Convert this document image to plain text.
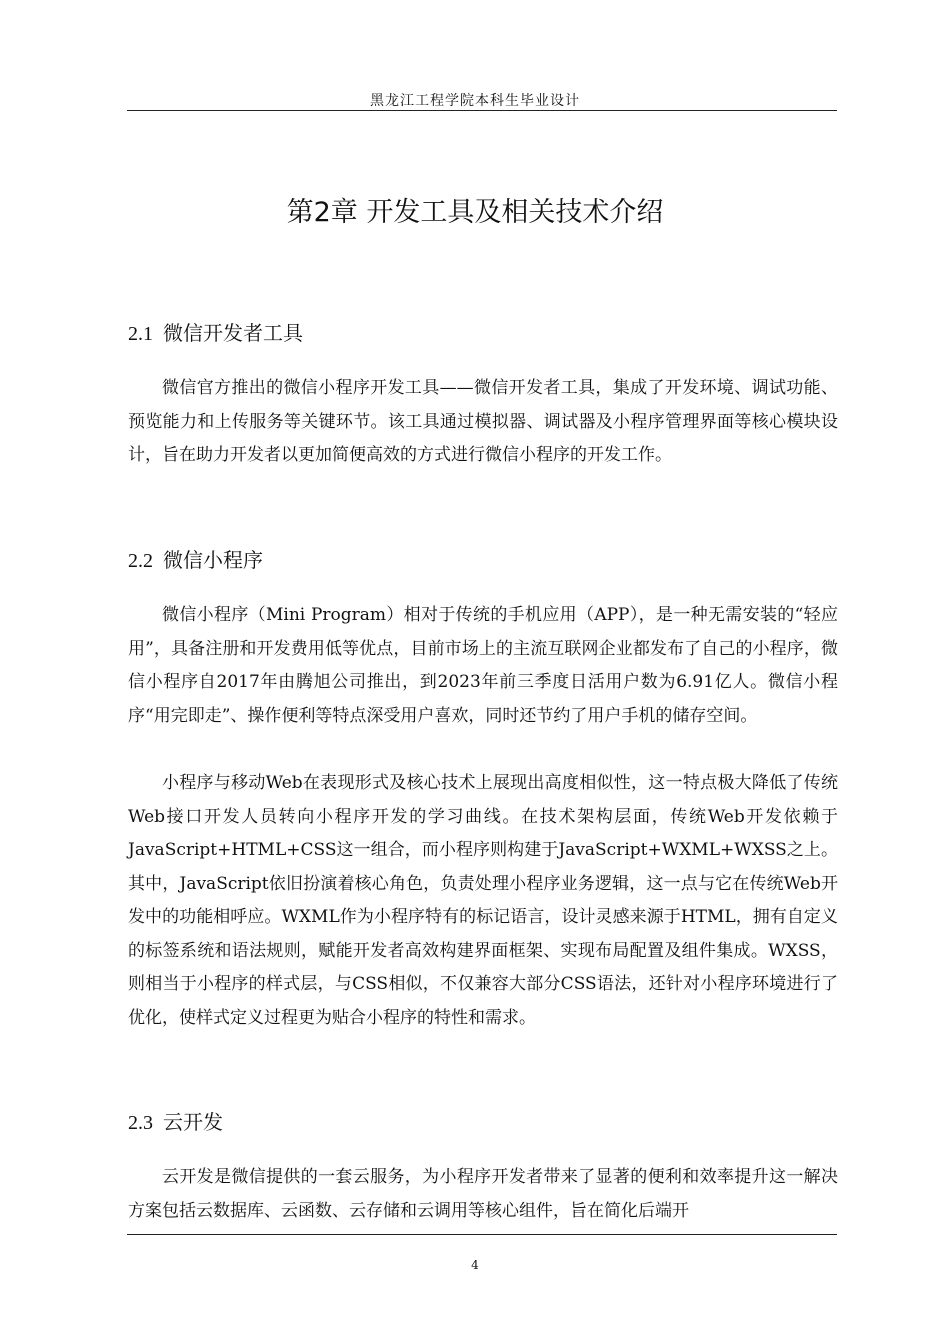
黑龙江工程学院本科生毕业设计
第2章 开发工具及相关技术介绍
2.1 微信开发者工具

微信官方推出的微信小程序开发工具——微信开发者工具，集成了开发环境、调试功能、预览能力和上传服务等关键环节。该工具通过模拟器、调试器及小程序管理界面等核心模块设计，旨在助力开发者以更加简便高效的方式进行微信小程序的开发工作。

2.2 微信小程序

微信小程序（Mini Program）相对于传统的手机应用（APP），是一种无需安装的“轻应用”，具备注册和开发费用低等优点，目前市场上的主流互联网企业都发布了自己的小程序，微信小程序自2017年由腾旭公司推出，到2023年前三季度日活用户数为6.91亿人。微信小程序“用完即走”、操作便利等特点深受用户喜欢，同时还节约了用户手机的储存空间。

小程序与移动Web在表现形式及核心技术上展现出高度相似性，这一特点极大降低了传统Web接口开发人员转向小程序开发的学习曲线。在技术架构层面，传统Web开发依赖于JavaScript+HTML+CSS这一组合，而小程序则构建于JavaScript+WXML+WXSS之上。其中，JavaScript依旧扮演着核心角色，负责处理小程序业务逻辑，这一点与它在传统Web开发中的功能相呼应。WXML作为小程序特有的标记语言，设计灵感来源于HTML，拥有自定义的标签系统和语法规则，赋能开发者高效构建界面框架、实现布局配置及组件集成。WXSS，则相当于小程序的样式层，与CSS相似，不仅兼容大部分CSS语法，还针对小程序环境进行了优化，使样式定义过程更为贴合小程序的特性和需求。

2.3 云开发

云开发是微信提供的一套云服务，为小程序开发者带来了显著的便利和效率提升这一解决方案包括云数据库、云函数、云存储和云调用等核心组件，旨在简化后端开

4
